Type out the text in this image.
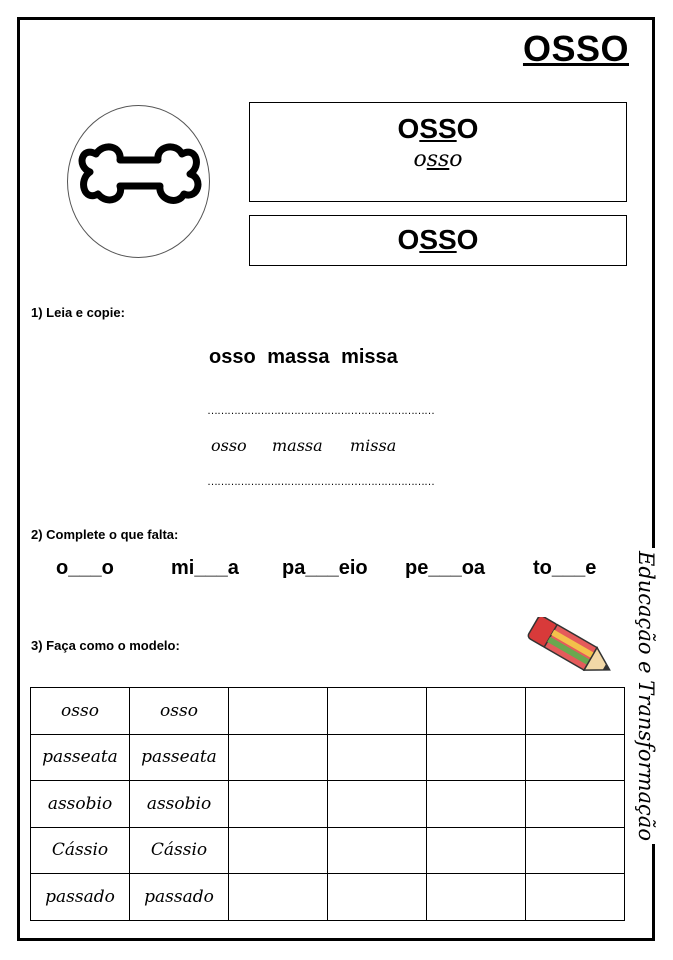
OSSO
OSSO
osso
OSSO
1) Leia e copie:
osso massa missa
……………………
……………………
……………………
osso massa missa
……………………
……………………
……………………
2) Complete o que falta:
o___o	mi___a pa___eio pe___oa to___e
3) Faça como o modelo:	Educação e Transformação
osso	osso				
passeata	passeata				
assobio	assobio				
Cássio	Cássio				
passado	passado				
